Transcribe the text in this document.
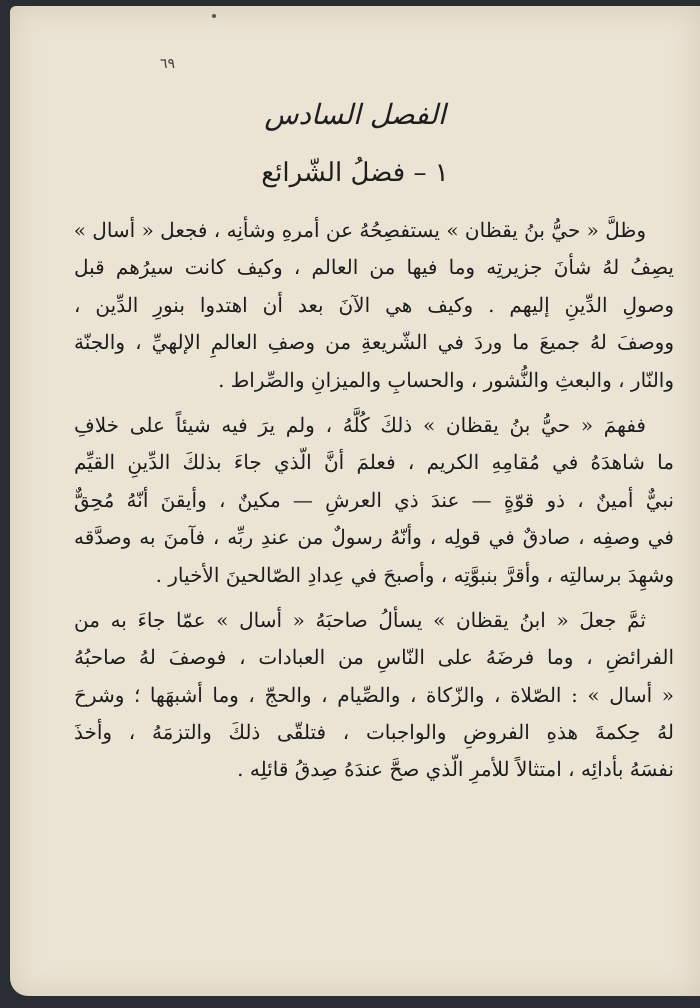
٦٩
الفصل السادس
١ – فضلُ الشّرائع
وظلَّ « حيُّ بنُ يقظان » يستفصِحُهُ عن أمرهِ وشأنِه ، فجعل « أسال »
يصِفُ لهُ شأنَ جزيرتِه وما فيها من العالم ، وكيف كانت سيرُهم قبل
وصولِ الدِّينِ إليهم . وكيف هي الآنَ بعد أن اهتدوا بنورِ الدِّين ،
ووصفَ لهُ جميعَ ما وردَ في الشّريعةِ من وصفِ العالمِ الإلهيِّ ، والجنّة
والنّار ، والبعثِ والنُّشور ، والحسابِ والميزانِ والصِّراط .
ففهمَ « حيُّ بنُ يقظان » ذلكَ كُلَّهُ ، ولم يرَ فيه شيئاً على خلافِ
ما شاهدَهُ في مُقامِهِ الكريم ، فعلمَ أنَّ الّذي جاءَ بذلكَ الدِّينِ القيِّم
نبيٌّ أمينٌ ، ذو قوّةٍ — عندَ ذي العرشِ — مكينٌ ، وأيقنَ أنّهُ مُحِقٌّ
في وصفِه ، صادقٌ في قولِه ، وأنّهُ رسولٌ من عندِ ربِّه ، فآمنَ به وصدَّقه
وشهِدَ برسالتِه ، وأقرَّ بنبوَّتِه ، وأصبحَ في عِدادِ الصّالحينَ الأخيار .
ثمَّ جعلَ « ابنُ يقظان » يسألُ صاحبَهُ « أسال » عمّا جاءَ به من
الفرائضِ ، وما فرضَهُ على النّاسِ من العبادات ، فوصفَ لهُ صاحبُهُ
« أسال » : الصّلاة ، والزّكاة ، والصِّيام ، والحجّ ، وما أشبهَها ؛ وشرحَ
لهُ حِكمةَ هذهِ الفروضِ والواجبات ، فتلقّى ذلكَ والتزمَهُ ، وأخذَ
نفسَهُ بأدائِه ، امتثالاً للأمرِ الّذي صحَّ عندَهُ صِدقُ قائلِه .
